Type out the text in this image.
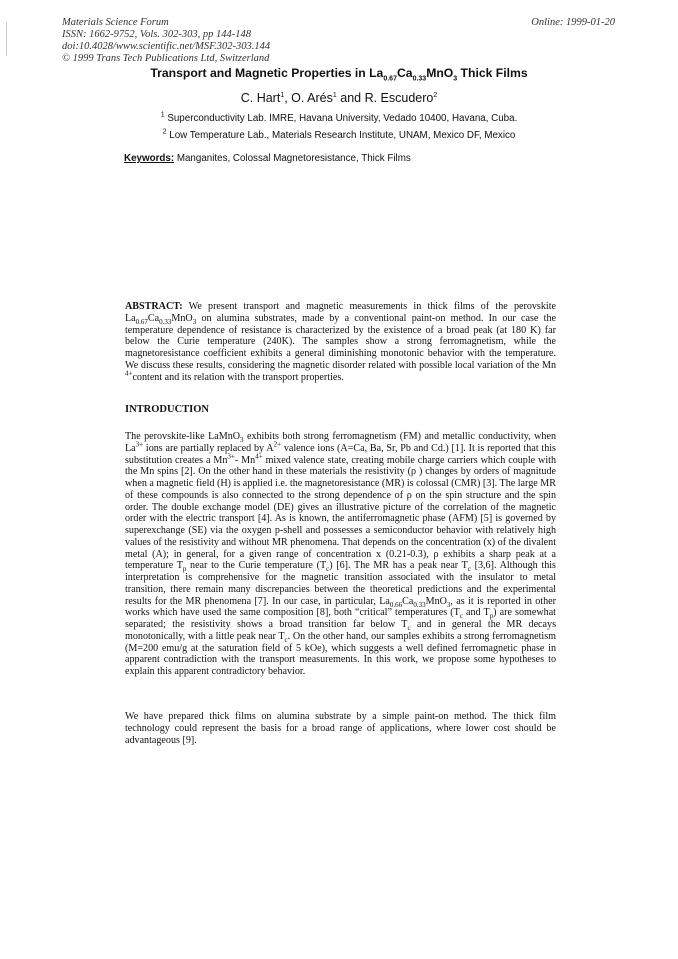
Materials Science Forum
ISSN: 1662-9752, Vols. 302-303, pp 144-148
doi:10.4028/www.scientific.net/MSF.302-303.144
© 1999 Trans Tech Publications Ltd, Switzerland
Online: 1999-01-20
Transport and Magnetic Properties in $La_{0.67}Ca_{0.33}MnO_3$ Thick Films
C. Hart$^1$, O. Arés$^1$ and R. Escudero$^2$
$^1$ Superconductivity Lab. IMRE, Havana University, Vedado 10400, Havana, Cuba.
$^2$ Low Temperature Lab., Materials Research Institute, UNAM, Mexico DF, Mexico
Keywords: Manganites, Colossal Magnetoresistance, Thick Films
ABSTRACT: We present transport and magnetic measurements in thick films of the perovskite $La_{0.67}Ca_{0.33}MnO_3$ on alumina substrates, made by a conventional paint-on method. In our case the temperature dependence of resistance is characterized by the existence of a broad peak (at 180 K) far below the Curie temperature (240K). The samples show a strong ferromagnetism, while the magnetoresistance coefficient exhibits a general diminishing monotonic behavior with the temperature. We discuss these results, considering the magnetic disorder related with possible local variation of the Mn $^{4+}$content and its relation with the transport properties.
INTRODUCTION
The perovskite-like LaMnO$_3$ exhibits both strong ferromagnetism (FM) and metallic conductivity, when $La^{3+}$ ions are partially replaced by $A^{2+}$ valence ions (A=Ca, Ba, Sr, Pb and Cd.) [1]. It is reported that this substitution creates a $Mn^{3+}-$ $Mn^{4+}$ mixed valence state, creating mobile charge carriers which couple with the Mn spins [2]. On the other hand in these materials the resistivity (ρ ) changes by orders of magnitude when a magnetic field (H) is applied i.e. the magnetoresistance (MR) is colossal (CMR) [3]. The large MR of these compounds is also connected to the strong dependence of ρ on the spin structure and the spin order. The double exchange model (DE) gives an illustrative picture of the correlation of the magnetic order with the electric transport [4]. As is known, the antiferromagnetic phase (AFM) [5] is governed by superexchange (SE) via the oxygen p-shell and possesses a semiconductor behavior with relatively high values of the resistivity and without MR phenomena. That depends on the concentration (x) of the divalent metal (A); in general, for a given range of concentration x (0.21-0.3), ρ exhibits a sharp peak at a temperature $T_p$ near to the Curie temperature $(T_c)$ [6]. The MR has a peak near $T_c$ [3,6]. Although this interpretation is comprehensive for the magnetic transition associated with the insulator to metal transition, there remain many discrepancies between the theoretical predictions and the experimental results for the MR phenomena [7]. In our case, in particular, $La_{0.66}Ca_{0.33}MnO_3$, as it is reported in other works which have used the same composition [8], both “critical” temperatures ($T_c$ and $T_p$) are somewhat separated; the resistivity shows a broad transition far below $T_c$ and in general the MR decays monotonically, with a little peak near $T_c$. On the other hand, our samples exhibits a strong ferromagnetism (M=200 emu/g at the saturation field of 5 kOe), which suggests a well defined ferromagnetic phase in apparent contradiction with the transport measurements. In this work, we propose some hypotheses to explain this apparent contradictory behavior.
We have prepared thick films on alumina substrate by a simple paint-on method. The thick film technology could represent the basis for a broad range of applications, where lower cost should be advantageous [9].
